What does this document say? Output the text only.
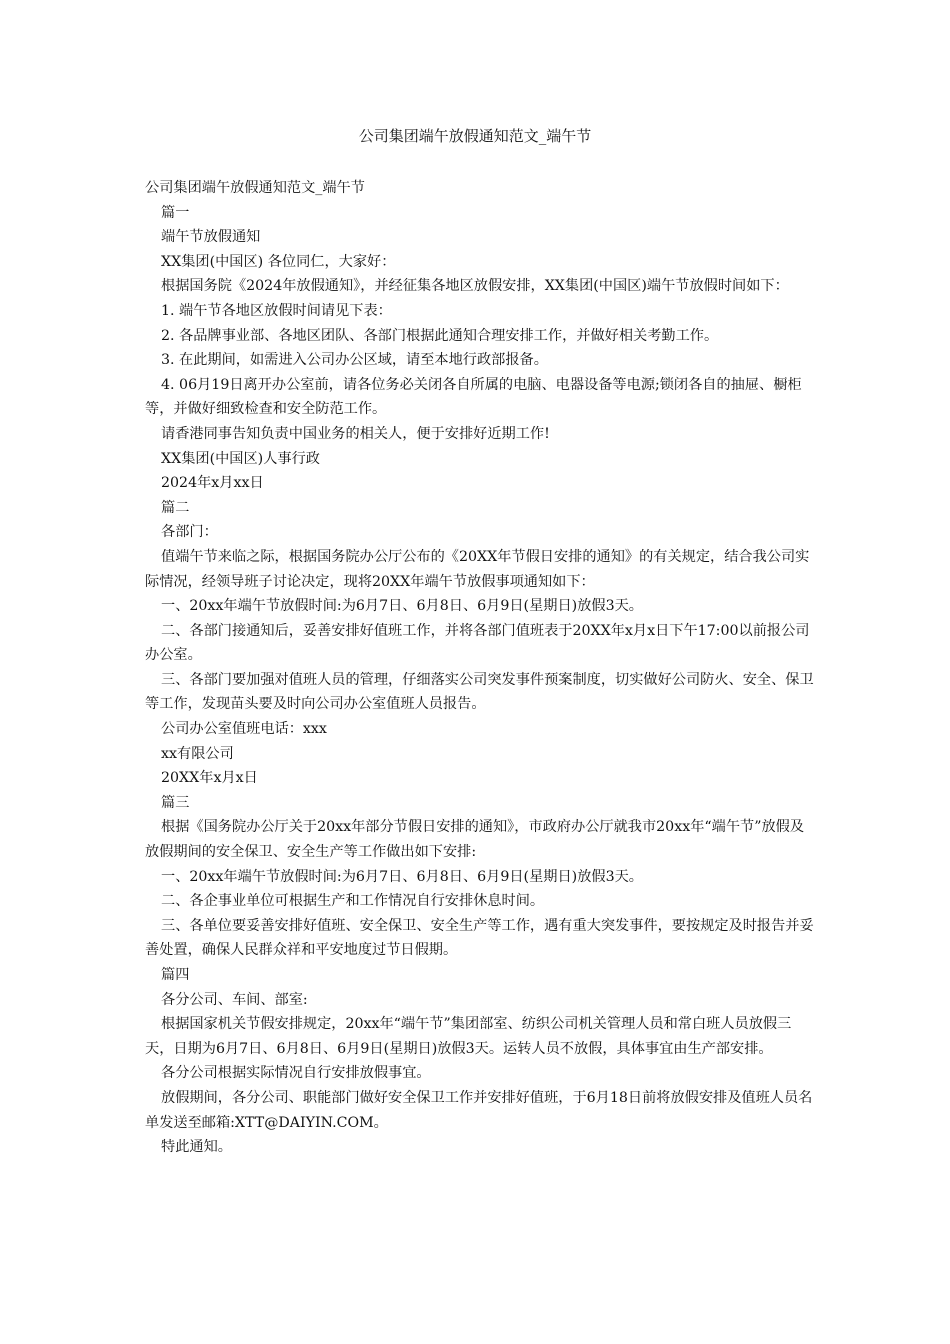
公司集团端午放假通知范文_端午节

公司集团端午放假通知范文_端午节

篇一

端午节放假通知

XX集团(中国区) 各位同仁，大家好：

根据国务院《2024年放假通知》，并经征集各地区放假安排，XX集团(中国区)端午节放假时间如下：

1. 端午节各地区放假时间请见下表：

2. 各品牌事业部、各地区团队、各部门根据此通知合理安排工作，并做好相关考勤工作。

3. 在此期间，如需进入公司办公区域，请至本地行政部报备。

4. 06月19日离开办公室前，请各位务必关闭各自所属的电脑、电器设备等电源;锁闭各自的抽屉、橱柜等，并做好细致检查和安全防范工作。

请香港同事告知负责中国业务的相关人，便于安排好近期工作!

XX集团(中国区)人事行政

2024年x月xx日

篇二

各部门：

值端午节来临之际，根据国务院办公厅公布的《20XX年节假日安排的通知》的有关规定，结合我公司实际情况，经领导班子讨论决定，现将20XX年端午节放假事项通知如下：

一、20xx年端午节放假时间:为6月7日、6月8日、6月9日(星期日)放假3天。

二、各部门接通知后，妥善安排好值班工作，并将各部门值班表于20XX年x月x日下午17:00以前报公司办公室。

三、各部门要加强对值班人员的管理，仔细落实公司突发事件预案制度，切实做好公司防火、安全、保卫等工作，发现苗头要及时向公司办公室值班人员报告。

公司办公室值班电话：xxx

xx有限公司

20XX年x月x日

篇三

根据《国务院办公厅关于20xx年部分节假日安排的通知》，市政府办公厅就我市20xx年“端午节”放假及放假期间的安全保卫、安全生产等工作做出如下安排:

一、20xx年端午节放假时间:为6月7日、6月8日、6月9日(星期日)放假3天。

二、各企事业单位可根据生产和工作情况自行安排休息时间。

三、各单位要妥善安排好值班、安全保卫、安全生产等工作，遇有重大突发事件，要按规定及时报告并妥善处置，确保人民群众祥和平安地度过节日假期。

篇四

各分公司、车间、部室:

根据国家机关节假安排规定，20xx年“端午节”集团部室、纺织公司机关管理人员和常白班人员放假三天，日期为6月7日、6月8日、6月9日(星期日)放假3天。运转人员不放假，具体事宜由生产部安排。

各分公司根据实际情况自行安排放假事宜。

放假期间，各分公司、职能部门做好安全保卫工作并安排好值班，于6月18日前将放假安排及值班人员名单发送至邮箱:XTT@DAIYIN.COM。

特此通知。
